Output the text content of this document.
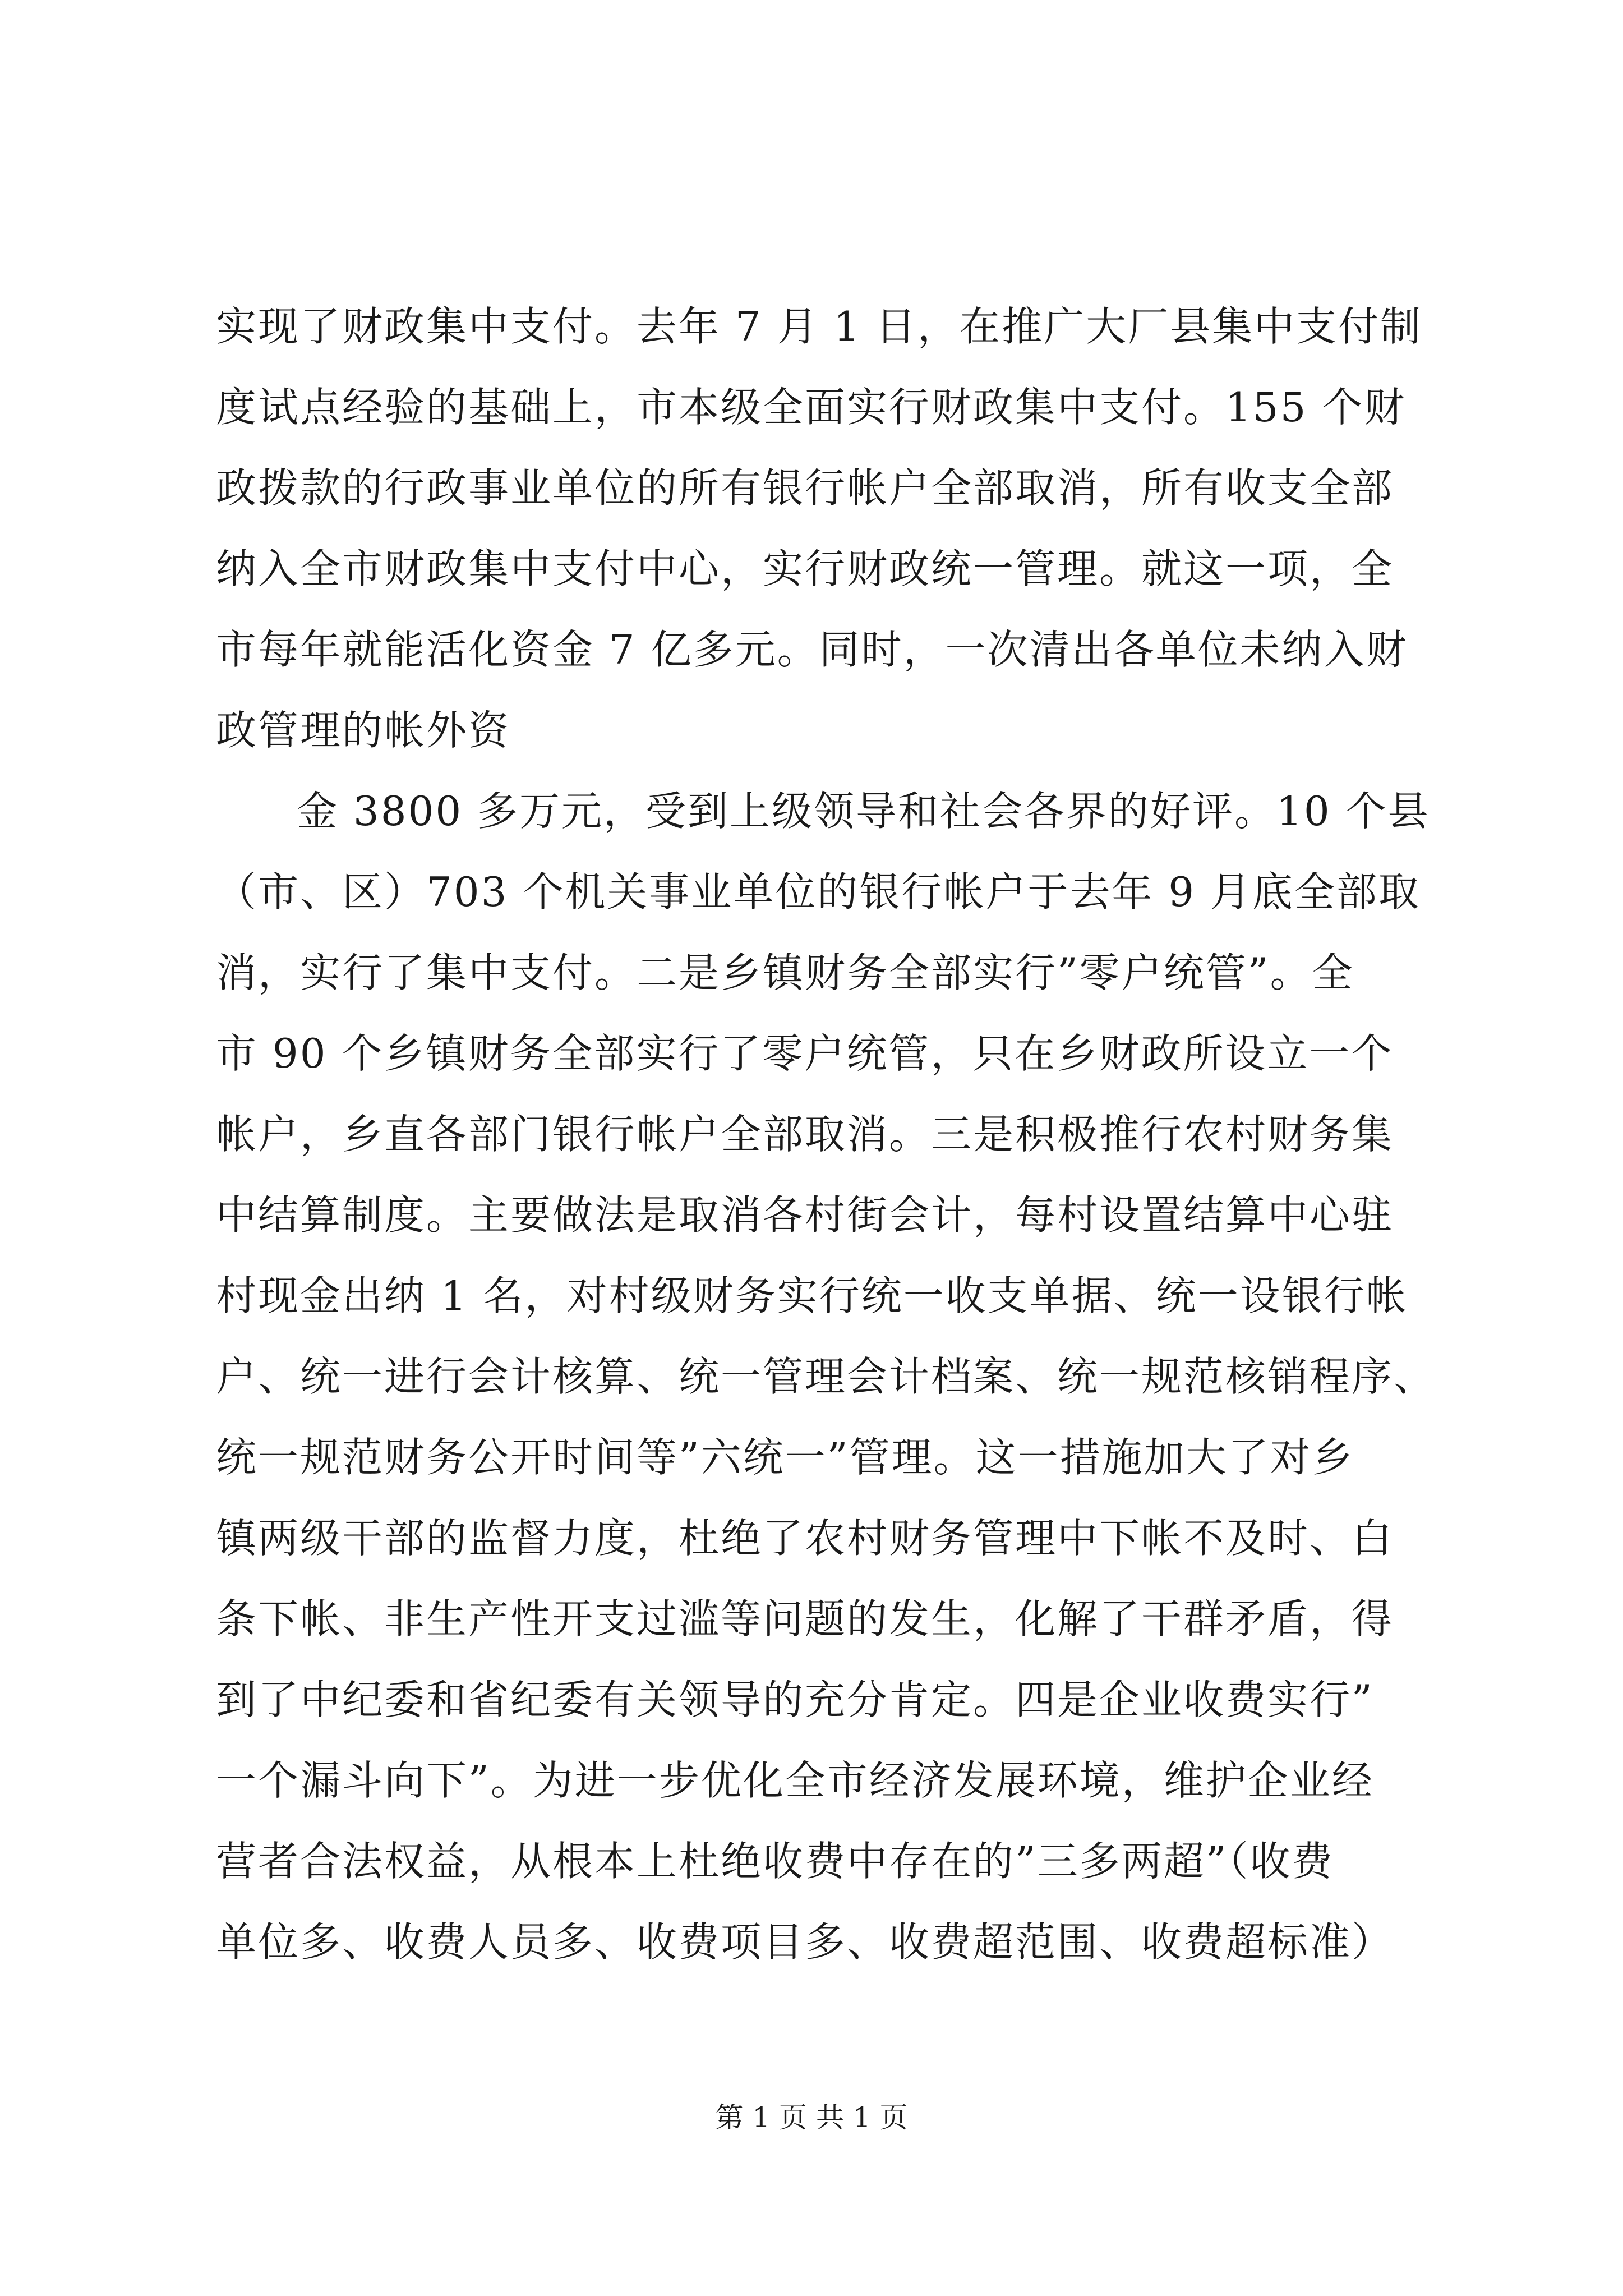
实现了财政集中支付。去年 7 月 1 日，在推广大厂县集中支付制
度试点经验的基础上，市本级全面实行财政集中支付。155 个财
政拨款的行政事业单位的所有银行帐户全部取消，所有收支全部
纳入全市财政集中支付中心，实行财政统一管理。就这一项，全
市每年就能活化资金 7 亿多元。同时，一次清出各单位未纳入财
政管理的帐外资
金 3800 多万元，受到上级领导和社会各界的好评。10 个县
（市、区）703 个机关事业单位的银行帐户于去年 9 月底全部取
消，实行了集中支付。二是乡镇财务全部实行”零户统管”。全
市 90 个乡镇财务全部实行了零户统管，只在乡财政所设立一个
帐户，乡直各部门银行帐户全部取消。三是积极推行农村财务集
中结算制度。主要做法是取消各村街会计，每村设置结算中心驻
村现金出纳 1 名，对村级财务实行统一收支单据、统一设银行帐
户、统一进行会计核算、统一管理会计档案、统一规范核销程序、
统一规范财务公开时间等”六统一”管理。这一措施加大了对乡
镇两级干部的监督力度，杜绝了农村财务管理中下帐不及时、白
条下帐、非生产性开支过滥等问题的发生，化解了干群矛盾，得
到了中纪委和省纪委有关领导的充分肯定。四是企业收费实行”
一个漏斗向下”。为进一步优化全市经济发展环境，维护企业经
营者合法权益，从根本上杜绝收费中存在的”三多两超”（收费
单位多、收费人员多、收费项目多、收费超范围、收费超标准）
第 1 页 共 1 页
